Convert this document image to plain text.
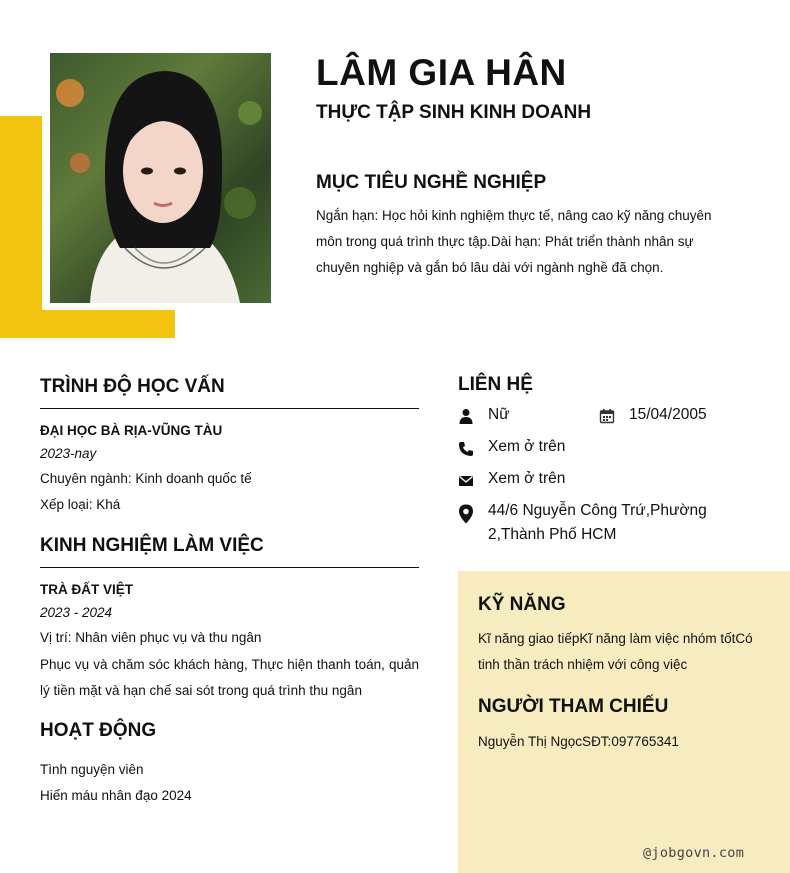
LÂM GIA HÂN
THỰC TẬP SINH KINH DOANH
MỤC TIÊU NGHỀ NGHIỆP
Ngắn hạn: Học hỏi kinh nghiệm thực tế, nâng cao kỹ năng chuyên môn trong quá trình thực tập.Dài hạn: Phát triển thành nhân sự chuyên nghiệp và gắn bó lâu dài với ngành nghề đã chọn.
TRÌNH ĐỘ HỌC VẤN
ĐẠI HỌC BÀ RỊA-VŨNG TÀU
2023-nay
Chuyên ngành: Kinh doanh quốc tế
Xếp loại: Khá
KINH NGHIỆM LÀM VIỆC
TRÀ ĐẤT VIỆT
2023 - 2024
Vị trí: Nhân viên phục vụ và thu ngân
Phục vụ và chăm sóc khách hàng, Thực hiện thanh toán, quản lý tiền mặt và hạn chế sai sót trong quá trình thu ngân
HOẠT ĐỘNG
Tình nguyện viên
Hiến máu nhân đạo 2024
LIÊN HỆ
Nữ	15/04/2005
Xem ở trên
Xem ở trên
44/6 Nguyễn Công Trứ,Phường 2,Thành Phố HCM
KỸ NĂNG
Kĩ năng giao tiếpKĩ năng làm việc nhóm tốtCó tinh thần trách nhiệm với công việc
NGƯỜI THAM CHIẾU
Nguyễn Thị NgọcSĐT:097765341
@jobgovn.com
